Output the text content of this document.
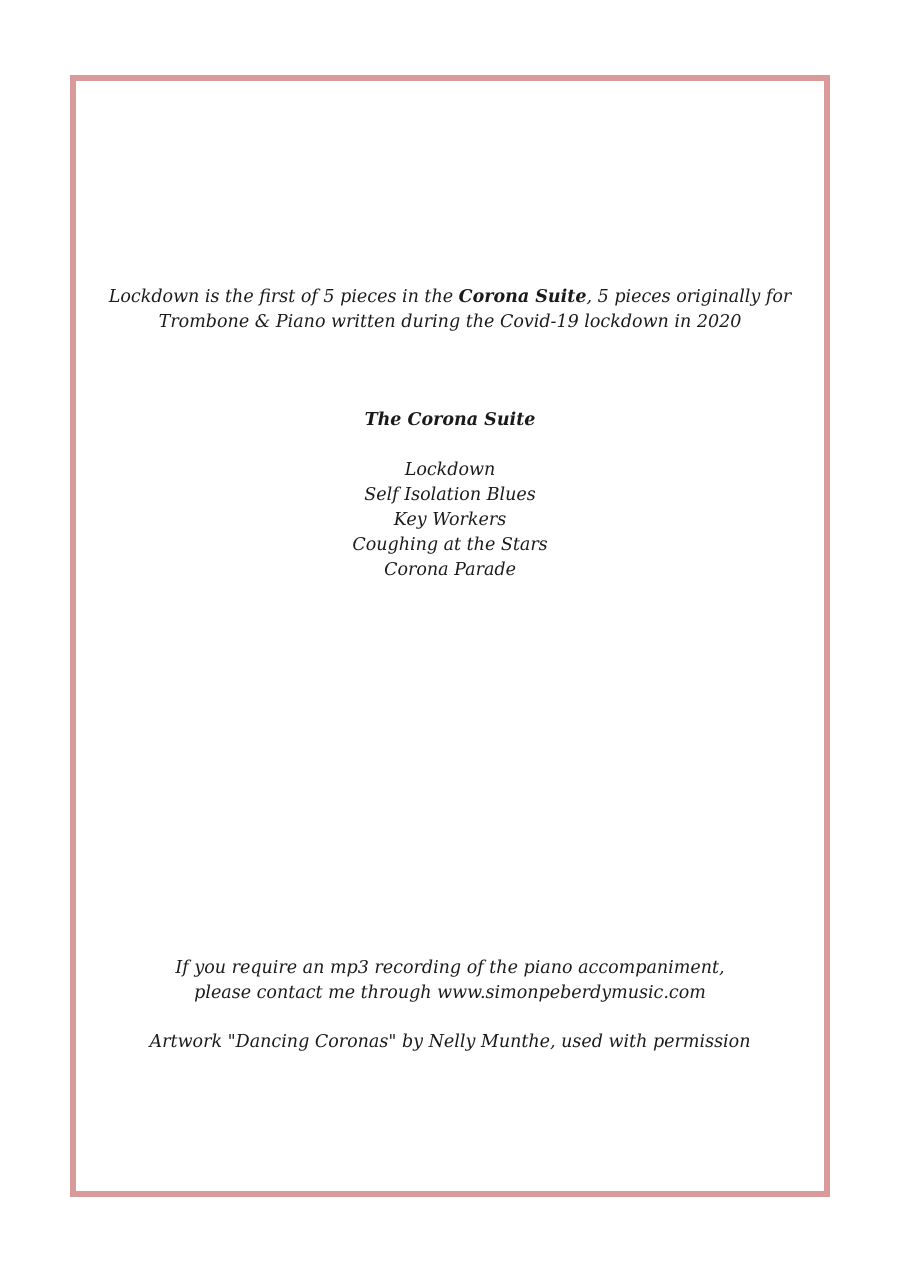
Lockdown is the first of 5 pieces in the Corona Suite, 5 pieces originally for
Trombone & Piano written during the Covid-19 lockdown in 2020
The Corona Suite
Lockdown
Self Isolation Blues
Key Workers
Coughing at the Stars
Corona Parade
If you require an mp3 recording of the piano accompaniment,
please contact me through www.simonpeberdymusic.com
Artwork "Dancing Coronas" by Nelly Munthe, used with permission
